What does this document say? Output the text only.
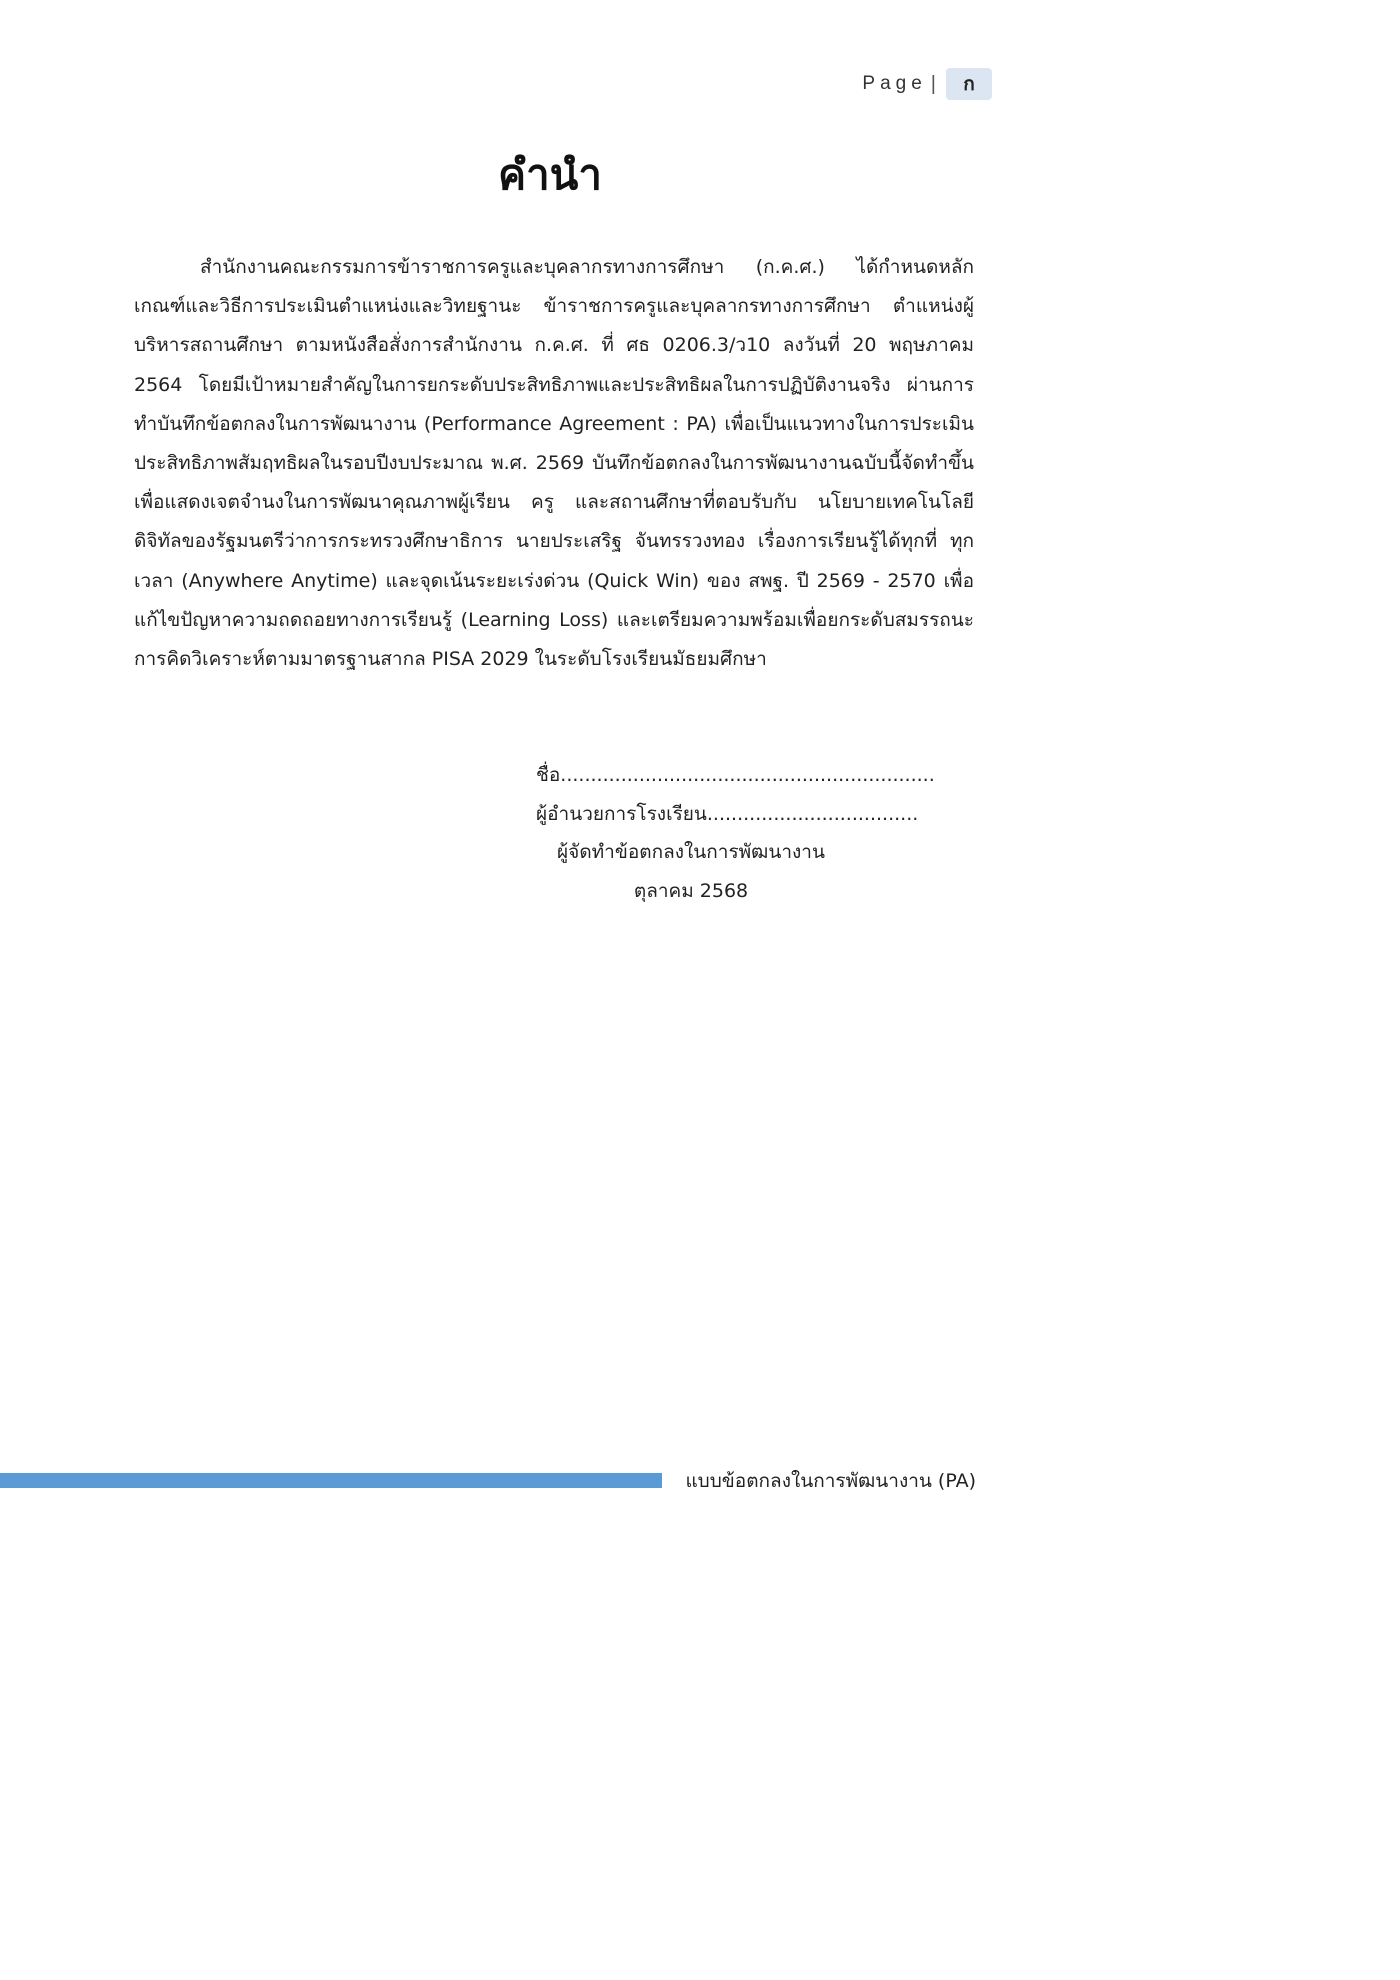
Page |	ก
คำนำ

สำนักงานคณะกรรมการข้าราชการครูและบุคลากรทางการศึกษา (ก.ค.ศ.) ได้กำหนดหลักเกณฑ์และวิธีการประเมินตำแหน่งและวิทยฐานะ ข้าราชการครูและบุคลากรทางการศึกษา ตำแหน่งผู้บริหารสถานศึกษา ตามหนังสือสั่งการสำนักงาน ก.ค.ศ. ที่ ศธ 0206.3/ว10 ลงวันที่ 20 พฤษภาคม 2564 โดยมีเป้าหมายสำคัญในการยกระดับประสิทธิภาพและประสิทธิผลในการปฏิบัติงานจริง ผ่านการทำบันทึกข้อตกลงในการพัฒนางาน (Performance Agreement : PA) เพื่อเป็นแนวทางในการประเมินประสิทธิภาพสัมฤทธิผลในรอบปีงบประมาณ พ.ศ. 2569 บันทึกข้อตกลงในการพัฒนางานฉบับนี้จัดทำขึ้นเพื่อแสดงเจตจำนงในการพัฒนาคุณภาพผู้เรียน ครู และสถานศึกษาที่ตอบรับกับ นโยบายเทคโนโลยีดิจิทัลของรัฐมนตรีว่าการกระทรวงศึกษาธิการ นายประเสริฐ จันทรรวงทอง เรื่องการเรียนรู้ได้ทุกที่ ทุกเวลา (Anywhere Anytime) และจุดเน้นระยะเร่งด่วน (Quick Win) ของ สพฐ. ปี 2569 - 2570 เพื่อแก้ไขปัญหาความถดถอยทางการเรียนรู้ (Learning Loss) และเตรียมความพร้อมเพื่อยกระดับสมรรถนะการคิดวิเคราะห์ตามมาตรฐานสากล PISA 2029 ในระดับโรงเรียนมัธยมศึกษา

ชื่อ..............................................................
ผู้อำนวยการโรงเรียน...................................
ผู้จัดทำข้อตกลงในการพัฒนางาน
ตุลาคม 2568
แบบข้อตกลงในการพัฒนางาน (PA)
